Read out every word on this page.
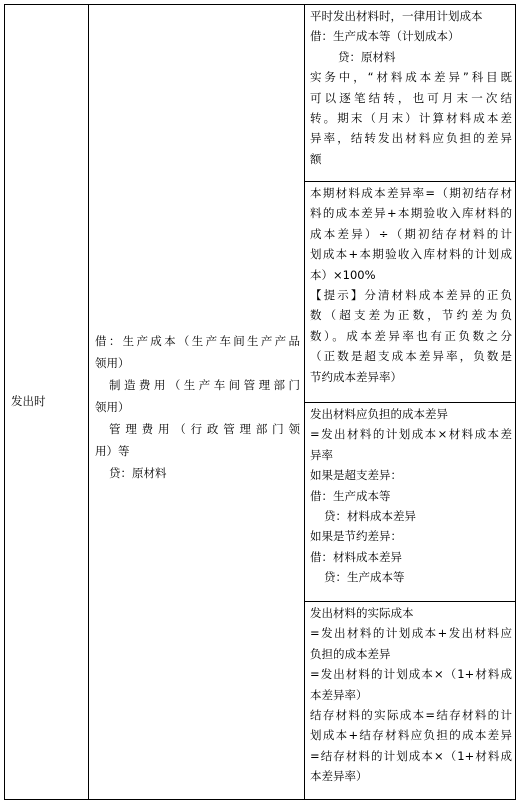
发出时
借：生产成本（生产车间生产产品
领用）
制造费用（生产车间管理部门
领用）
管理费用（行政管理部门领
用）等
贷：原材料
平时发出材料时，一律用计划成本
借：生产成本等（计划成本）
贷：原材料
实务中，“材料成本差异”科目既
可以逐笔结转，也可月末一次结
转。期末（月末）计算材料成本差
异率，结转发出材料应负担的差异
额
本期材料成本差异率=（期初结存材
料的成本差异+本期验收入库材料的
成本差异）÷（期初结存材料的计
划成本+本期验收入库材料的计划成
本）×100%
【提示】分清材料成本差异的正负
数（超支差为正数，节约差为负
数）。成本差异率也有正负数之分
（正数是超支成本差异率，负数是
节约成本差异率）
发出材料应负担的成本差异
=发出材料的计划成本×材料成本差
异率
如果是超支差异：
借：生产成本等
贷：材料成本差异
如果是节约差异：
借：材料成本差异
贷：生产成本等
发出材料的实际成本
=发出材料的计划成本+发出材料应
负担的成本差异
=发出材料的计划成本×（1+材料成
本差异率）
结存材料的实际成本=结存材料的计
划成本+结存材料应负担的成本差异
=结存材料的计划成本×（1+材料成
本差异率）
